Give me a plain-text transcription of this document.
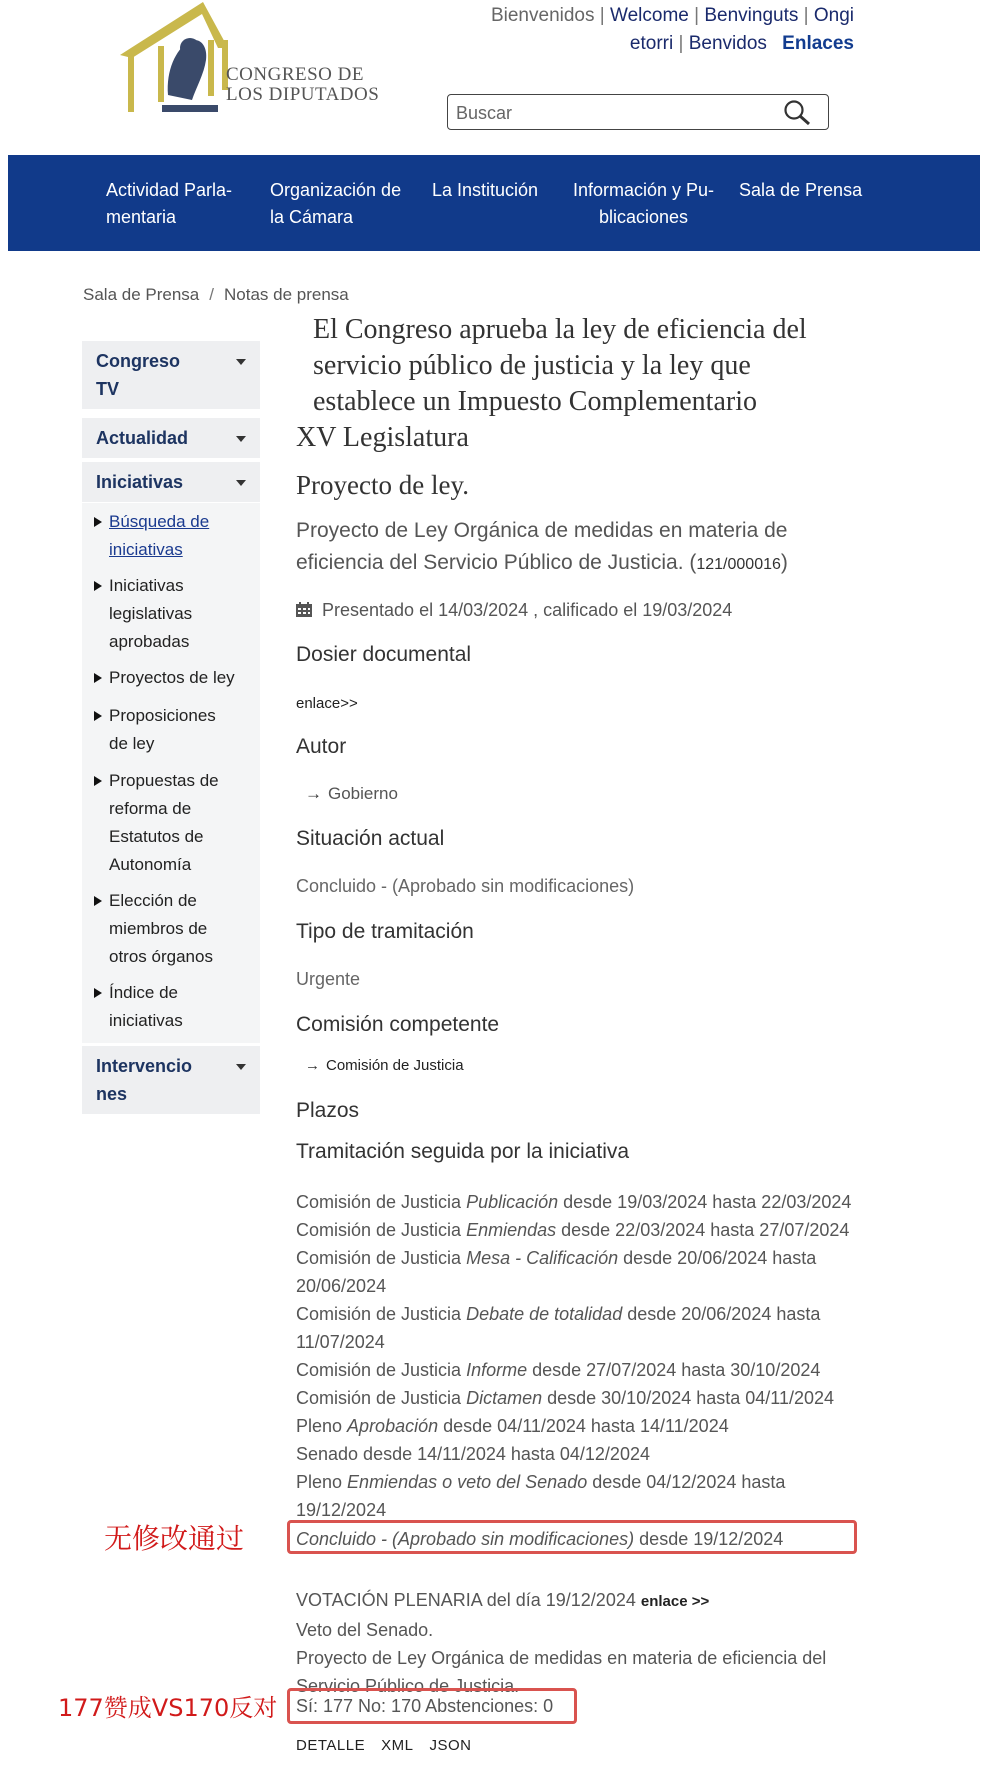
CONGRESO DE
LOS DIPUTADOS
Bienvenidos | Welcome | Benvinguts | Ongi
etorri | Benvidos Enlaces
Buscar
Actividad Parla-
mentaria
Organización de
la Cámara
La Institución Información y Pu-
blicaciones
Sala de Prensa
Sala de Prensa / Notas de prensa
Congreso
TV
Actualidad
Iniciativas
Búsqueda de
iniciativas
Iniciativas
legislativas
aprobadas
Proyectos de ley
Proposiciones
de ley
Propuestas de
reforma de
Estatutos de
Autonomía
Elección de
miembros de
otros órganos
Índice de
iniciativas
Intervencio
nes
El Congreso aprueba la ley de eficiencia del
servicio público de justicia y la ley que
establece un Impuesto Complementario
XV Legislatura
Proyecto de ley.
Proyecto de Ley Orgánica de medidas en materia de
eficiencia del Servicio Público de Justicia. (121/000016)
Presentado el 14/03/2024 , calificado el 19/03/2024
Dosier documental
enlace>>
Autor
→ Gobierno
Situación actual
Concluido - (Aprobado sin modificaciones)
Tipo de tramitación
Urgente
Comisión competente
→ Comisión de Justicia
Plazos
Tramitación seguida por la iniciativa
Comisión de Justicia Publicación desde 19/03/2024 hasta 22/03/2024
Comisión de Justicia Enmiendas desde 22/03/2024 hasta 27/07/2024
Comisión de Justicia Mesa - Calificación desde 20/06/2024 hasta
20/06/2024
Comisión de Justicia Debate de totalidad desde 20/06/2024 hasta
11/07/2024
Comisión de Justicia Informe desde 27/07/2024 hasta 30/10/2024
Comisión de Justicia Dictamen desde 30/10/2024 hasta 04/11/2024
Pleno Aprobación desde 04/11/2024 hasta 14/11/2024
Senado desde 14/11/2024 hasta 04/12/2024
Pleno Enmiendas o veto del Senado desde 04/12/2024 hasta
19/12/2024
Concluido - (Aprobado sin modificaciones) desde 19/12/2024
无修改通过
VOTACIÓN PLENARIA del día 19/12/2024 enlace >>
Veto del Senado.
Proyecto de Ley Orgánica de medidas en materia de eficiencia del
Servicio Público de Justicia.
Sí: 177 No: 170 Abstenciones: 0
177赞成VS170反对
DETALLE XML JSON
